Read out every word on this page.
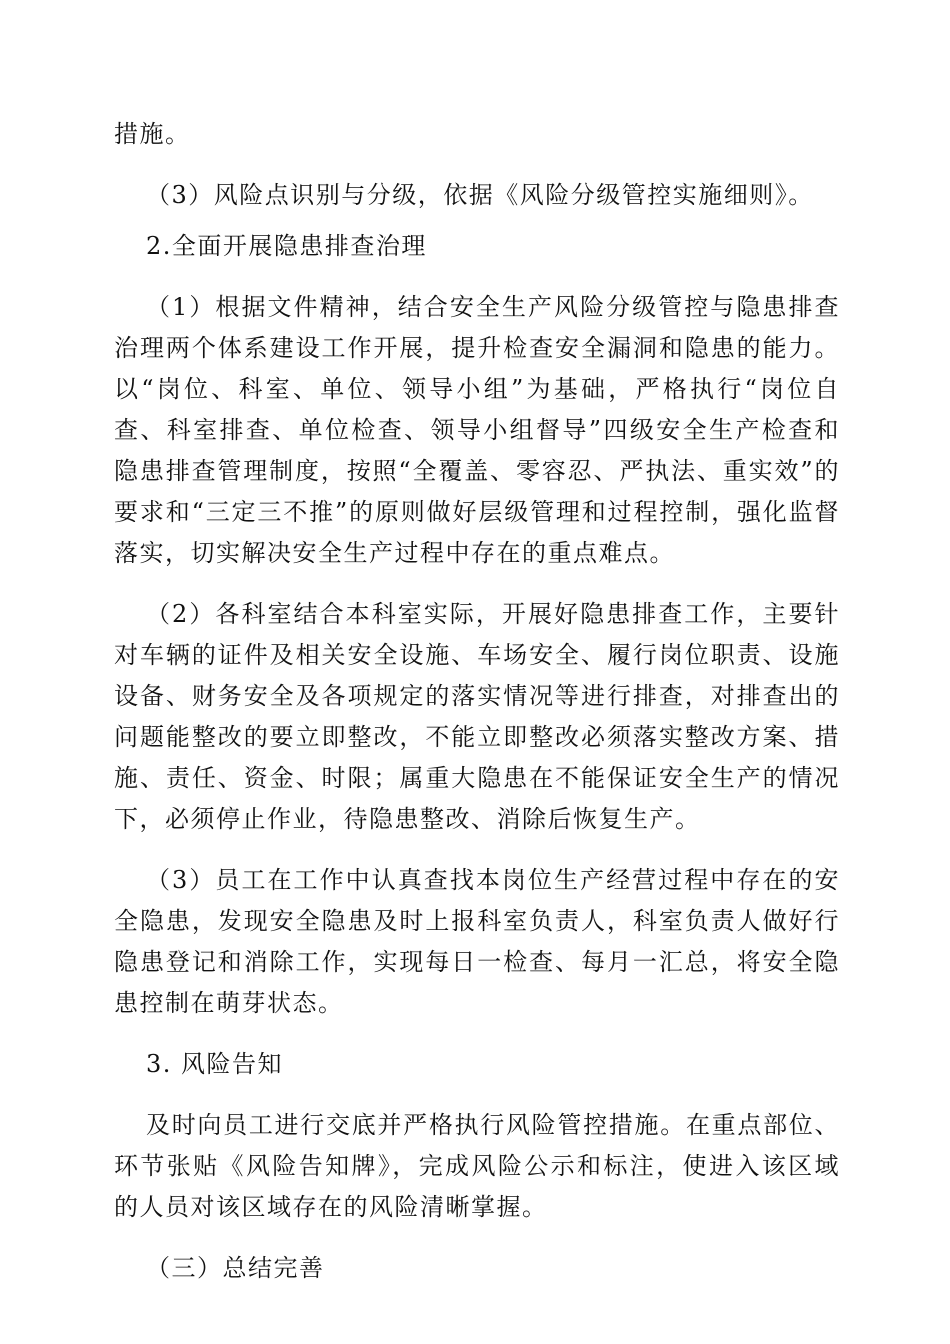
措施。

（3）风险点识别与分级，依据《风险分级管控实施细则》。

2.全面开展隐患排查治理

（1）根据文件精神，结合安全生产风险分级管控与隐患排查治理两个体系建设工作开展，提升检查安全漏洞和隐患的能力。以“岗位、科室、单位、领导小组”为基础，严格执行“岗位自查、科室排查、单位检查、领导小组督导”四级安全生产检查和隐患排查管理制度，按照“全覆盖、零容忍、严执法、重实效”的要求和“三定三不推”的原则做好层级管理和过程控制，强化监督落实，切实解决安全生产过程中存在的重点难点。

（2）各科室结合本科室实际，开展好隐患排查工作，主要针对车辆的证件及相关安全设施、车场安全、履行岗位职责、设施设备、财务安全及各项规定的落实情况等进行排查，对排查出的问题能整改的要立即整改，不能立即整改必须落实整改方案、措施、责任、资金、时限；属重大隐患在不能保证安全生产的情况下，必须停止作业，待隐患整改、消除后恢复生产。

（3）员工在工作中认真查找本岗位生产经营过程中存在的安全隐患，发现安全隐患及时上报科室负责人，科室负责人做好行隐患登记和消除工作，实现每日一检查、每月一汇总，将安全隐患控制在萌芽状态。

3. 风险告知

及时向员工进行交底并严格执行风险管控措施。在重点部位、环节张贴《风险告知牌》，完成风险公示和标注，使进入该区域的人员对该区域存在的风险清晰掌握。

（三）总结完善
